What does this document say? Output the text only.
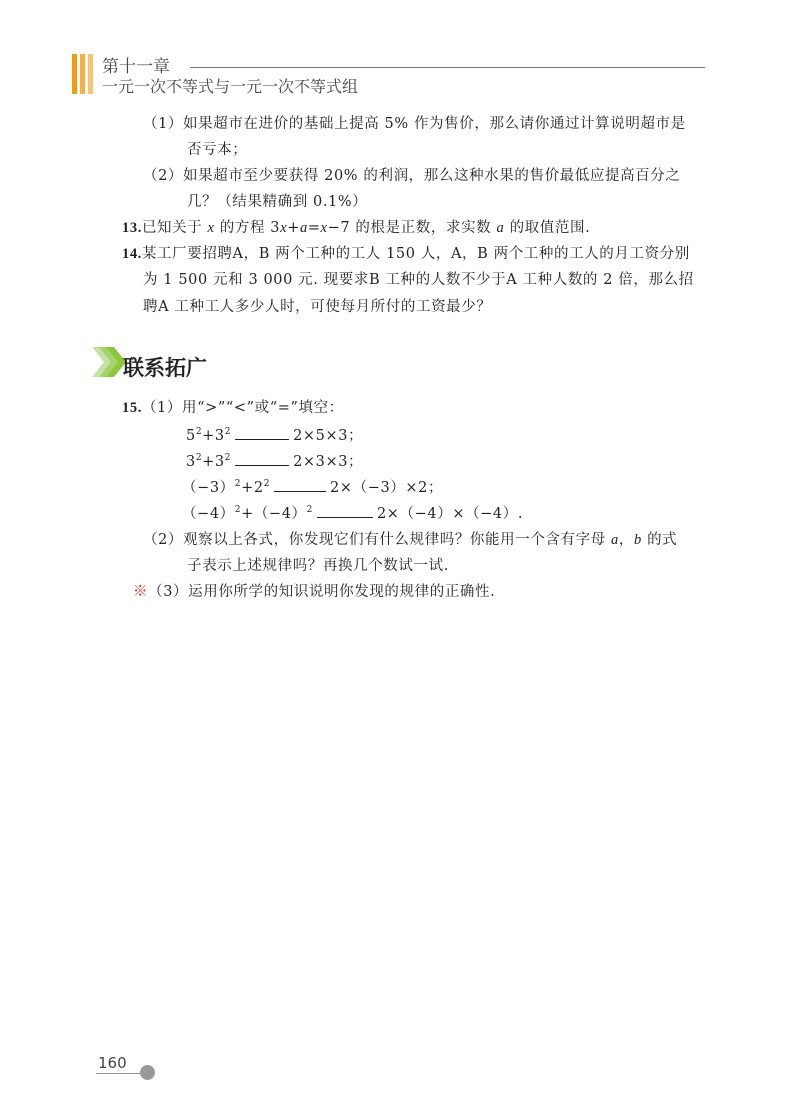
第十一章
一元一次不等式与一元一次不等式组
（1）如果超市在进价的基础上提高 5% 作为售价，那么请你通过计算说明超市是
否亏本；
（2）如果超市至少要获得 20% 的利润，那么这种水果的售价最低应提高百分之
几？（结果精确到 0.1%）
13.已知关于 x 的方程 3x+a=x−7 的根是正数，求实数 a 的取值范围.
14.某工厂要招聘A，B 两个工种的工人 150 人，A，B 两个工种的工人的月工资分别
为 1 500 元和 3 000 元. 现要求B 工种的人数不少于A 工种人数的 2 倍，那么招
聘A 工种工人多少人时，可使每月所付的工资最少？
联系拓广
15.（1）用“>”“<”或“=”填空：
$5^2+3^2$	2×5×3；
$3^2+3^2$	2×3×3；
$(-3)^2+2^2$	2×（−3）×2；
$(-4)^2+(-4)^2$	2×（−4）×（−4）.
（2）观察以上各式，你发现它们有什么规律吗？你能用一个含有字母 a，b 的式
子表示上述规律吗？再换几个数试一试.
※（3）运用你所学的知识说明你发现的规律的正确性.
160
